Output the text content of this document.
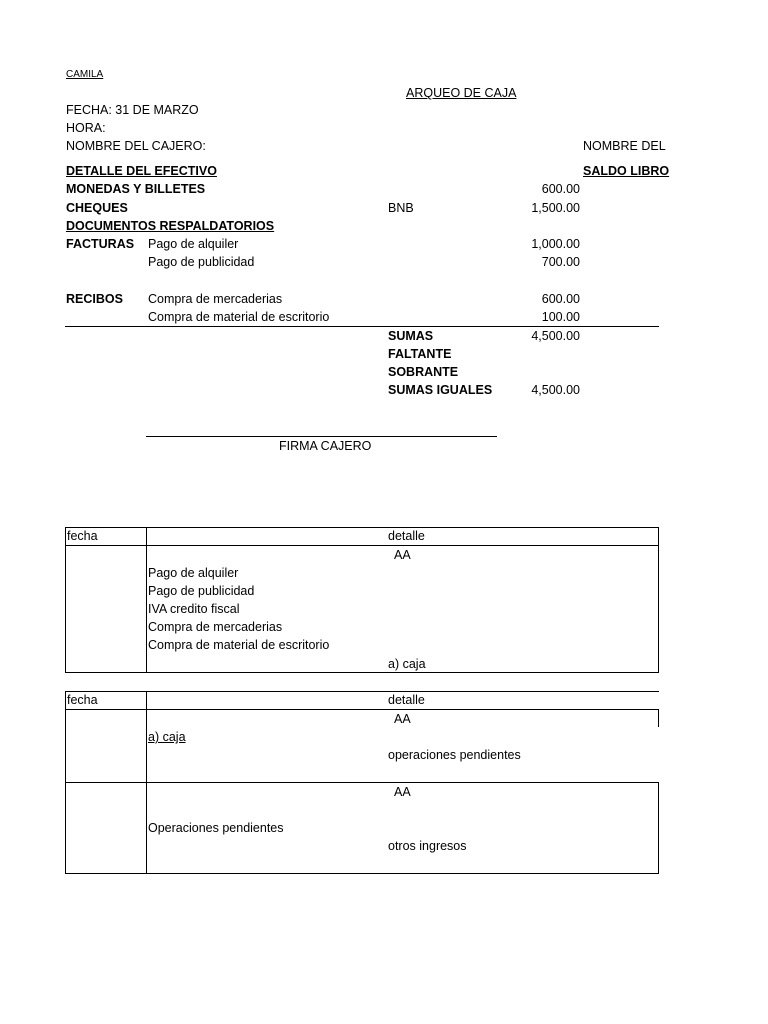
CAMILA
ARQUEO DE CAJA
FECHA: 31 DE MARZO
HORA:
NOMBRE DEL CAJERO:	NOMBRE DEL
DETALLE DEL EFECTIVO	SALDO LIBRO
MONEDAS Y BILLETES	600.00
CHEQUES	BNB	1,500.00
DOCUMENTOS RESPALDATORIOS
FACTURAS Pago de alquiler	1,000.00
Pago de publicidad	700.00
RECIBOS Compra de mercaderias	600.00
Compra de material de escritorio	100.00
SUMAS	4,500.00
FALTANTE
SOBRANTE
SUMAS IGUALES	4,500.00
FIRMA CAJERO
fecha	detalle
AA
Pago de alquiler
Pago de publicidad
IVA credito fiscal
Compra de mercaderias
Compra de material de escritorio
a) caja
fecha	detalle
AA
a) caja
operaciones pendientes
AA
Operaciones pendientes
otros ingresos
